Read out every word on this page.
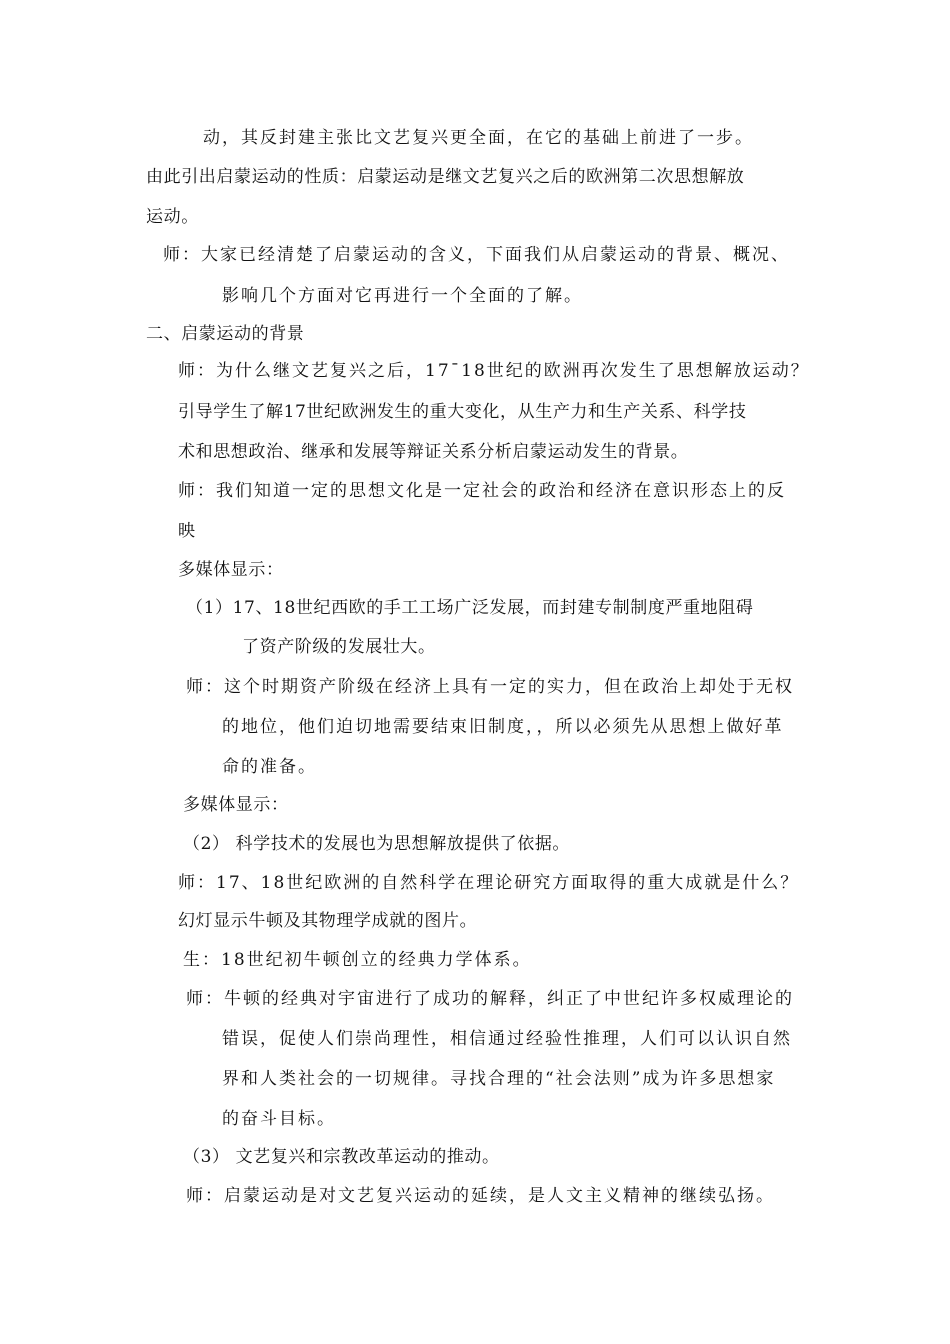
动，其反封建主张比文艺复兴更全面，在它的基础上前进了一步。
由此引出启蒙运动的性质：启蒙运动是继文艺复兴之后的欧洲第二次思想解放
运动。
师：大家已经清楚了启蒙运动的含义，下面我们从启蒙运动的背景、概况、
影响几个方面对它再进行一个全面的了解。
二、启蒙运动的背景
师：为什么继文艺复兴之后，17¯18世纪的欧洲再次发生了思想解放运动？
引导学生了解17世纪欧洲发生的重大变化，从生产力和生产关系、科学技
术和思想政治、继承和发展等辩证关系分析启蒙运动发生的背景。
师：我们知道一定的思想文化是一定社会的政治和经济在意识形态上的反
映
多媒体显示：
（1）17、18世纪西欧的手工工场广泛发展，而封建专制制度严重地阻碍
了资产阶级的发展壮大。
师：这个时期资产阶级在经济上具有一定的实力，但在政治上却处于无权
的地位，他们迫切地需要结束旧制度，，所以必须先从思想上做好革
命的准备。
多媒体显示：
（2） 科学技术的发展也为思想解放提供了依据。
师：17、18世纪欧洲的自然科学在理论研究方面取得的重大成就是什么？
幻灯显示牛顿及其物理学成就的图片。
生：18世纪初牛顿创立的经典力学体系。
师：牛顿的经典对宇宙进行了成功的解释，纠正了中世纪许多权威理论的
错误，促使人们崇尚理性，相信通过经验性推理，人们可以认识自然
界和人类社会的一切规律。寻找合理的“社会法则”成为许多思想家
的奋斗目标。
（3） 文艺复兴和宗教改革运动的推动。
师：启蒙运动是对文艺复兴运动的延续，是人文主义精神的继续弘扬。
